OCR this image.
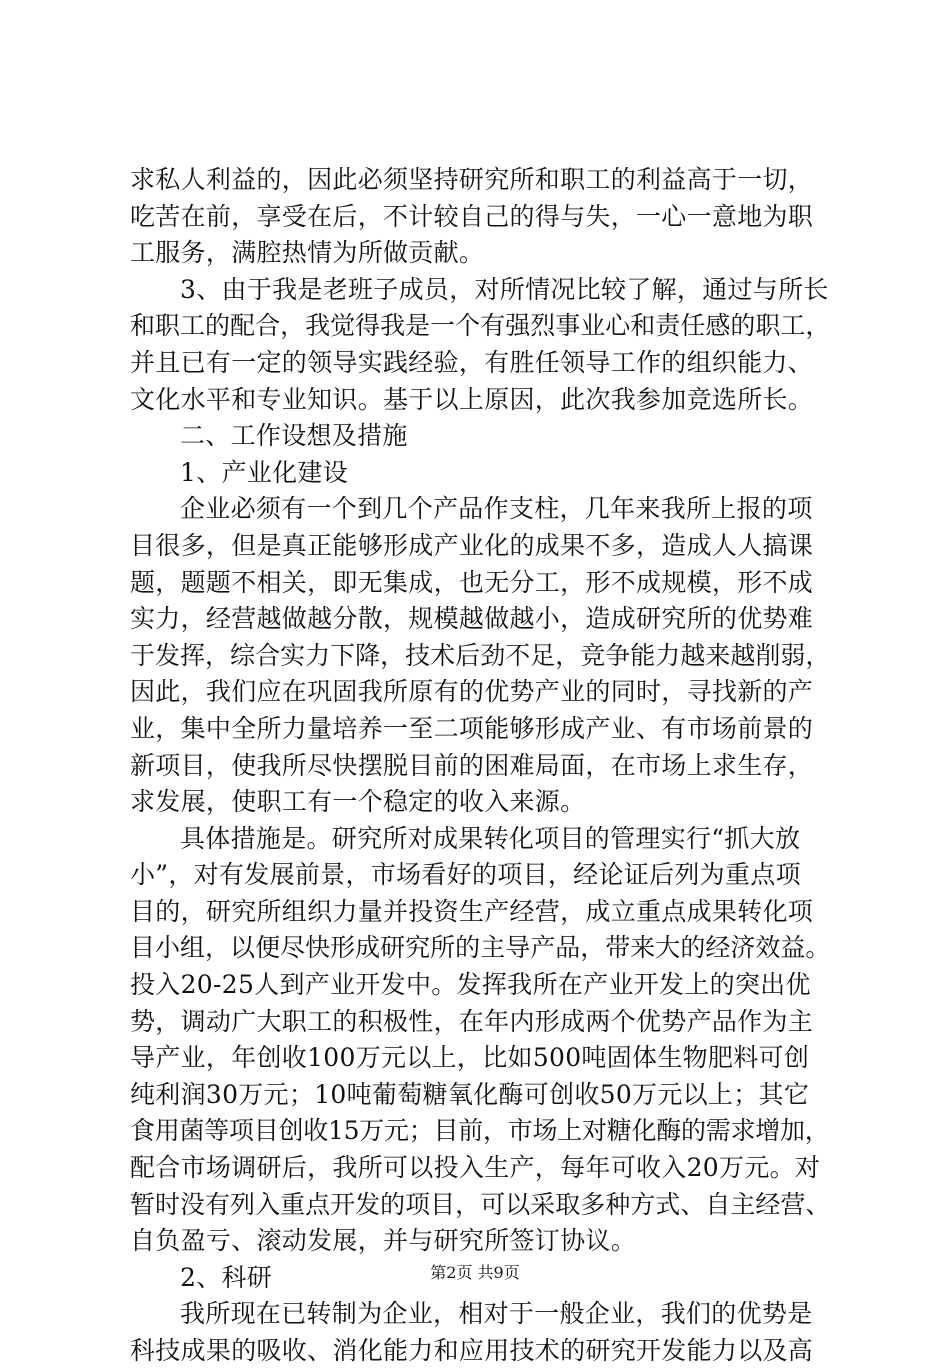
求私人利益的，因此必须坚持研究所和职工的利益高于一切，
吃苦在前，享受在后，不计较自己的得与失，一心一意地为职
工服务，满腔热情为所做贡献。
3、由于我是老班子成员，对所情况比较了解，通过与所长
和职工的配合，我觉得我是一个有强烈事业心和责任感的职工，
并且已有一定的领导实践经验，有胜任领导工作的组织能力、
文化水平和专业知识。基于以上原因，此次我参加竞选所长。
二、工作设想及措施
1、产业化建设
企业必须有一个到几个产品作支柱，几年来我所上报的项
目很多，但是真正能够形成产业化的成果不多，造成人人搞课
题，题题不相关，即无集成，也无分工，形不成规模，形不成
实力，经营越做越分散，规模越做越小，造成研究所的优势难
于发挥，综合实力下降，技术后劲不足，竞争能力越来越削弱，
因此，我们应在巩固我所原有的优势产业的同时，寻找新的产
业，集中全所力量培养一至二项能够形成产业、有市场前景的
新项目，使我所尽快摆脱目前的困难局面，在市场上求生存，
求发展，使职工有一个稳定的收入来源。
具体措施是。研究所对成果转化项目的管理实行“抓大放
小”，对有发展前景，市场看好的项目，经论证后列为重点项
目的，研究所组织力量并投资生产经营，成立重点成果转化项
目小组，以便尽快形成研究所的主导产品，带来大的经济效益。
投入20-25人到产业开发中。发挥我所在产业开发上的突出优
势，调动广大职工的积极性，在年内形成两个优势产品作为主
导产业，年创收100万元以上，比如500吨固体生物肥料可创
纯利润30万元；10吨葡萄糖氧化酶可创收50万元以上；其它
食用菌等项目创收15万元；目前，市场上对糖化酶的需求增加，
配合市场调研后，我所可以投入生产，每年可收入20万元。对
暂时没有列入重点开发的项目，可以采取多种方式、自主经营、
自负盈亏、滚动发展，并与研究所签订协议。
2、科研
我所现在已转制为企业，相对于一般企业，我们的优势是
科技成果的吸收、消化能力和应用技术的研究开发能力以及高
第2页 共9页
